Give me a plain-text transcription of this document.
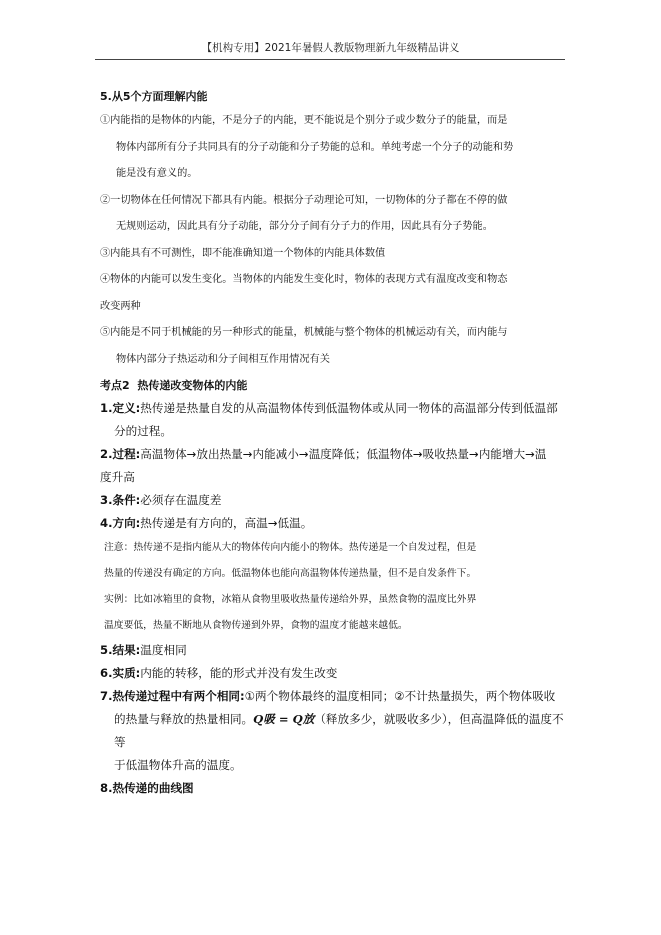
【机构专用】2021年暑假人教版物理新九年级精品讲义
5.从5个方面理解内能
①内能指的是物体的内能，不是分子的内能，更不能说是个别分子或少数分子的能量，而是
物体内部所有分子共同具有的分子动能和分子势能的总和。单纯考虑一个分子的动能和势
能是没有意义的。
②一切物体在任何情况下都具有内能。根据分子动理论可知，一切物体的分子都在不停的做
无规则运动，因此具有分子动能，部分分子间有分子力的作用，因此具有分子势能。
③内能具有不可测性，即不能准确知道一个物体的内能具体数值
④物体的内能可以发生变化。当物体的内能发生变化时，物体的表现方式有温度改变和物态
改变两种
⑤内能是不同于机械能的另一种形式的能量，机械能与整个物体的机械运动有关，而内能与
物体内部分子热运动和分子间相互作用情况有关
考点2 热传递改变物体的内能

1.定义:热传递是热量自发的从高温物体传到低温物体或从同一物体的高温部分传到低温部

分的过程。

2.过程:高温物体→放出热量→内能减小→温度降低；低温物体→吸收热量→内能增大→温

度升高

3.条件:必须存在温度差

4.方向:热传递是有方向的，高温→低温。

注意：热传递不是指内能从大的物体传向内能小的物体。热传递是一个自发过程，但是
热量的传递没有确定的方向。低温物体也能向高温物体传递热量，但不是自发条件下。
实例：比如冰箱里的食物，冰箱从食物里吸收热量传递给外界，虽然食物的温度比外界
温度要低，热量不断地从食物传递到外界，食物的温度才能越来越低。

5.结果:温度相同

6.实质:内能的转移，能的形式并没有发生改变

7.热传递过程中有两个相同:①两个物体最终的温度相同；②不计热量损失，两个物体吸收

的热量与释放的热量相同。Q吸 = Q放（释放多少，就吸收多少），但高温降低的温度不等

于低温物体升高的温度。

8.热传递的曲线图
